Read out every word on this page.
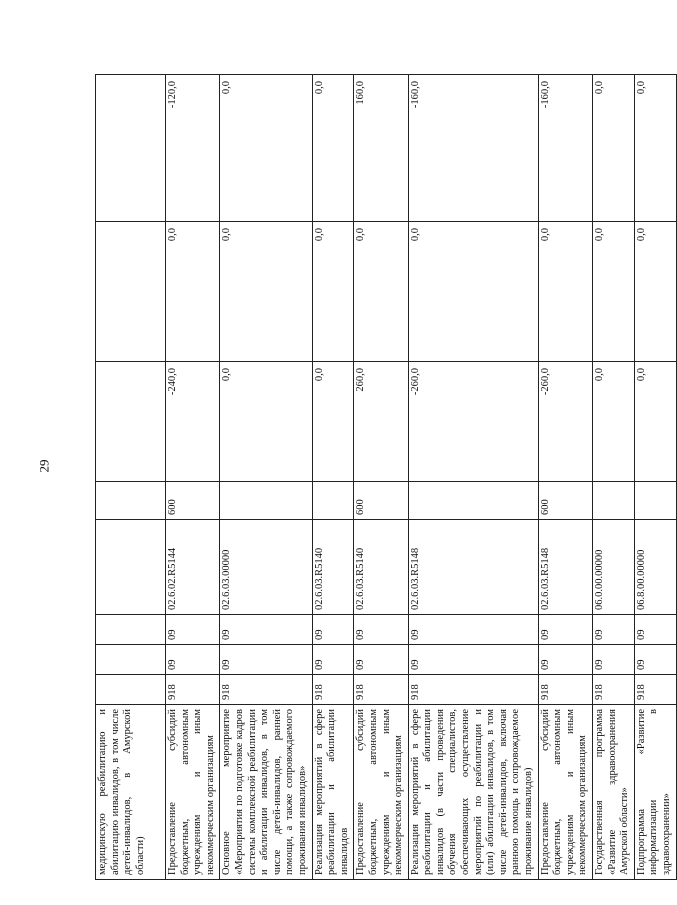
29
медицинскую реабилитацию и абилитацию инвалидов, в том числе детей-инвалидов, в Амурской области)								
Предоставление субсидий бюджетным, автономным учреждениям и иным некоммерческим организациям	918	09	09	02.6.02.R5144	600	-240,0	0,0	-120,0
Основное мероприятие «Мероприятия по подготовке кадров системы комплексной реабилитации и абилитации инвалидов, в том числе детей-инвалидов, ранней помощи, а также сопровождаемого проживания инвалидов»	918	09	09	02.6.03.00000		0,0	0,0	0,0
Реализация мероприятий в сфере реабилитации и абилитации инвалидов	918	09	09	02.6.03.R5140		0,0	0,0	0,0
Предоставление субсидий бюджетным, автономным учреждениям и иным некоммерческим организациям	918	09	09	02.6.03.R5140	600	260,0	0,0	160,0
Реализация мероприятий в сфере реабилитации и абилитации инвалидов (в части проведения обучения специалистов, обеспечивающих осуществление мероприятий по реабилитации и (или) абилитации инвалидов, в том числе детей-инвалидов, включая раннюю помощь и сопровождаемое проживание инвалидов)	918	09	09	02.6.03.R5148		-260,0	0,0	-160,0
Предоставление субсидий бюджетным, автономным учреждениям и иным некоммерческим организациям	918	09	09	02.6.03.R5148	600	-260,0	0,0	-160,0
Государственная программа «Развитие здравоохранения Амурской области»	918	09	09	06.0.00.00000		0,0	0,0	0,0
Подпрограмма «Развитие информатизации в здравоохранении»	918	09	09	06.8.00.00000		0,0	0,0	0,0
